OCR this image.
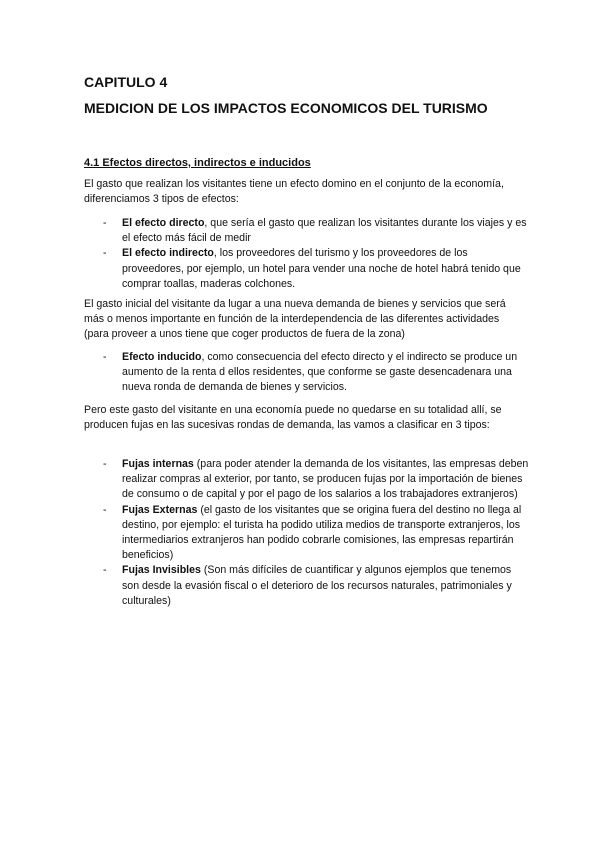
CAPITULO 4
MEDICION DE LOS IMPACTOS ECONOMICOS DEL TURISMO
4.1 Efectos directos, indirectos e inducidos

El gasto que realizan los visitantes tiene un efecto domino en el conjunto de la economía, diferenciamos 3 tipos de efectos:

- El efecto directo, que sería el gasto que realizan los visitantes durante los viajes y es el efecto más fácil de medir
- El efecto indirecto, los proveedores del turismo y los proveedores de los proveedores, por ejemplo, un hotel para vender una noche de hotel habrá tenido que comprar toallas, maderas colchones.

El gasto inicial del visitante da lugar a una nueva demanda de bienes y servicios que será más o menos importante en función de la interdependencia de las diferentes actividades (para proveer a unos tiene que coger productos de fuera de la zona)

- Efecto inducido, como consecuencia del efecto directo y el indirecto se produce un aumento de la renta d ellos residentes, que conforme se gaste desencadenara una nueva ronda de demanda de bienes y servicios.

Pero este gasto del visitante en una economía puede no quedarse en su totalidad allí, se producen fujas en las sucesivas rondas de demanda, las vamos a clasificar en 3 tipos:

- Fujas internas (para poder atender la demanda de los visitantes, las empresas deben realizar compras al exterior, por tanto, se producen fujas por la importación de bienes de consumo o de capital y por el pago de los salarios a los trabajadores extranjeros)
- Fujas Externas (el gasto de los visitantes que se origina fuera del destino no llega al destino, por ejemplo: el turista ha podido utiliza medios de transporte extranjeros, los intermediarios extranjeros han podido cobrarle comisiones, las empresas repartirán beneficios)
- Fujas Invisibles (Son más difíciles de cuantificar y algunos ejemplos que tenemos son desde la evasión fiscal o el deterioro de los recursos naturales, patrimoniales y culturales)
